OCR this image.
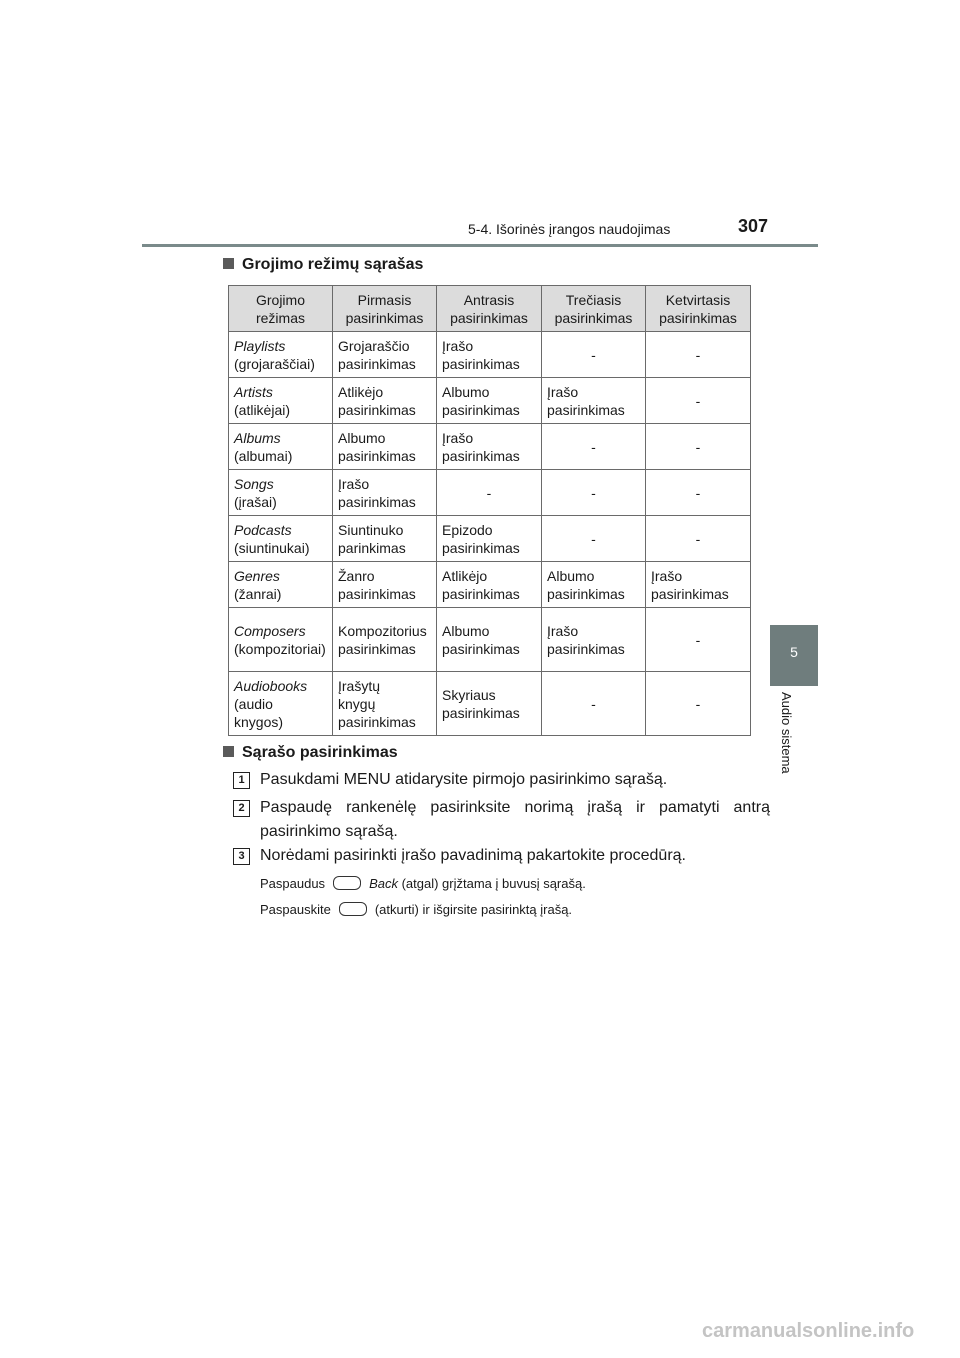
5-4. Išorinės įrangos naudojimas	307
5
Audio sistema
Grojimo režimų sąrašas
Grojimo režimas	Pirmasis pasirinkimas	Antrasis pasirinkimas	Trečiasis pasirinkimas	Ketvirtasis pasirinkimas

Playlists
(grojaraščiai)	Grojaraščio pasirinkimas	Įrašo pasirinkimas	-	-

Artists
(atlikėjai)	Atlikėjo pasirinkimas	Albumo pasirinkimas	Įrašo pasirinkimas	-

Albums
(albumai)	Albumo pasirinkimas	Įrašo pasirinkimas	-	-

Songs
(įrašai)	Įrašo pasirinkimas	-	-	-

Podcasts
(siuntinukai)	Siuntinuko parinkimas	Epizodo pasirinkimas	-	-

Genres
(žanrai)	Žanro pasirinkimas	Atlikėjo pasirinkimas	Albumo pasirinkimas	Įrašo pasirinkimas

Composers
(kompozitoriai)	Kompozitorius pasirinkimas	Albumo pasirinkimas	Įrašo pasirinkimas	-

Audiobooks
(audio knygos)	Įrašytų knygų pasirinkimas	Skyriaus pasirinkimas	-	-
Sąrašo pasirinkimas
1 Pasukdami MENU atidarysite pirmojo pasirinkimo sąrašą.
2 Paspaudę rankenėlę pasirinksite norimą įrašą ir pamatyti antrą pasirinkimo sąrašą.
3 Norėdami pasirinkti įrašo pavadinimą pakartokite procedūrą.
Paspaudus	Back (atgal) grįžtama į buvusį sąrašą.
Paspauskite	(atkurti) ir išgirsite pasirinktą įrašą.
carmanualsonline.info
